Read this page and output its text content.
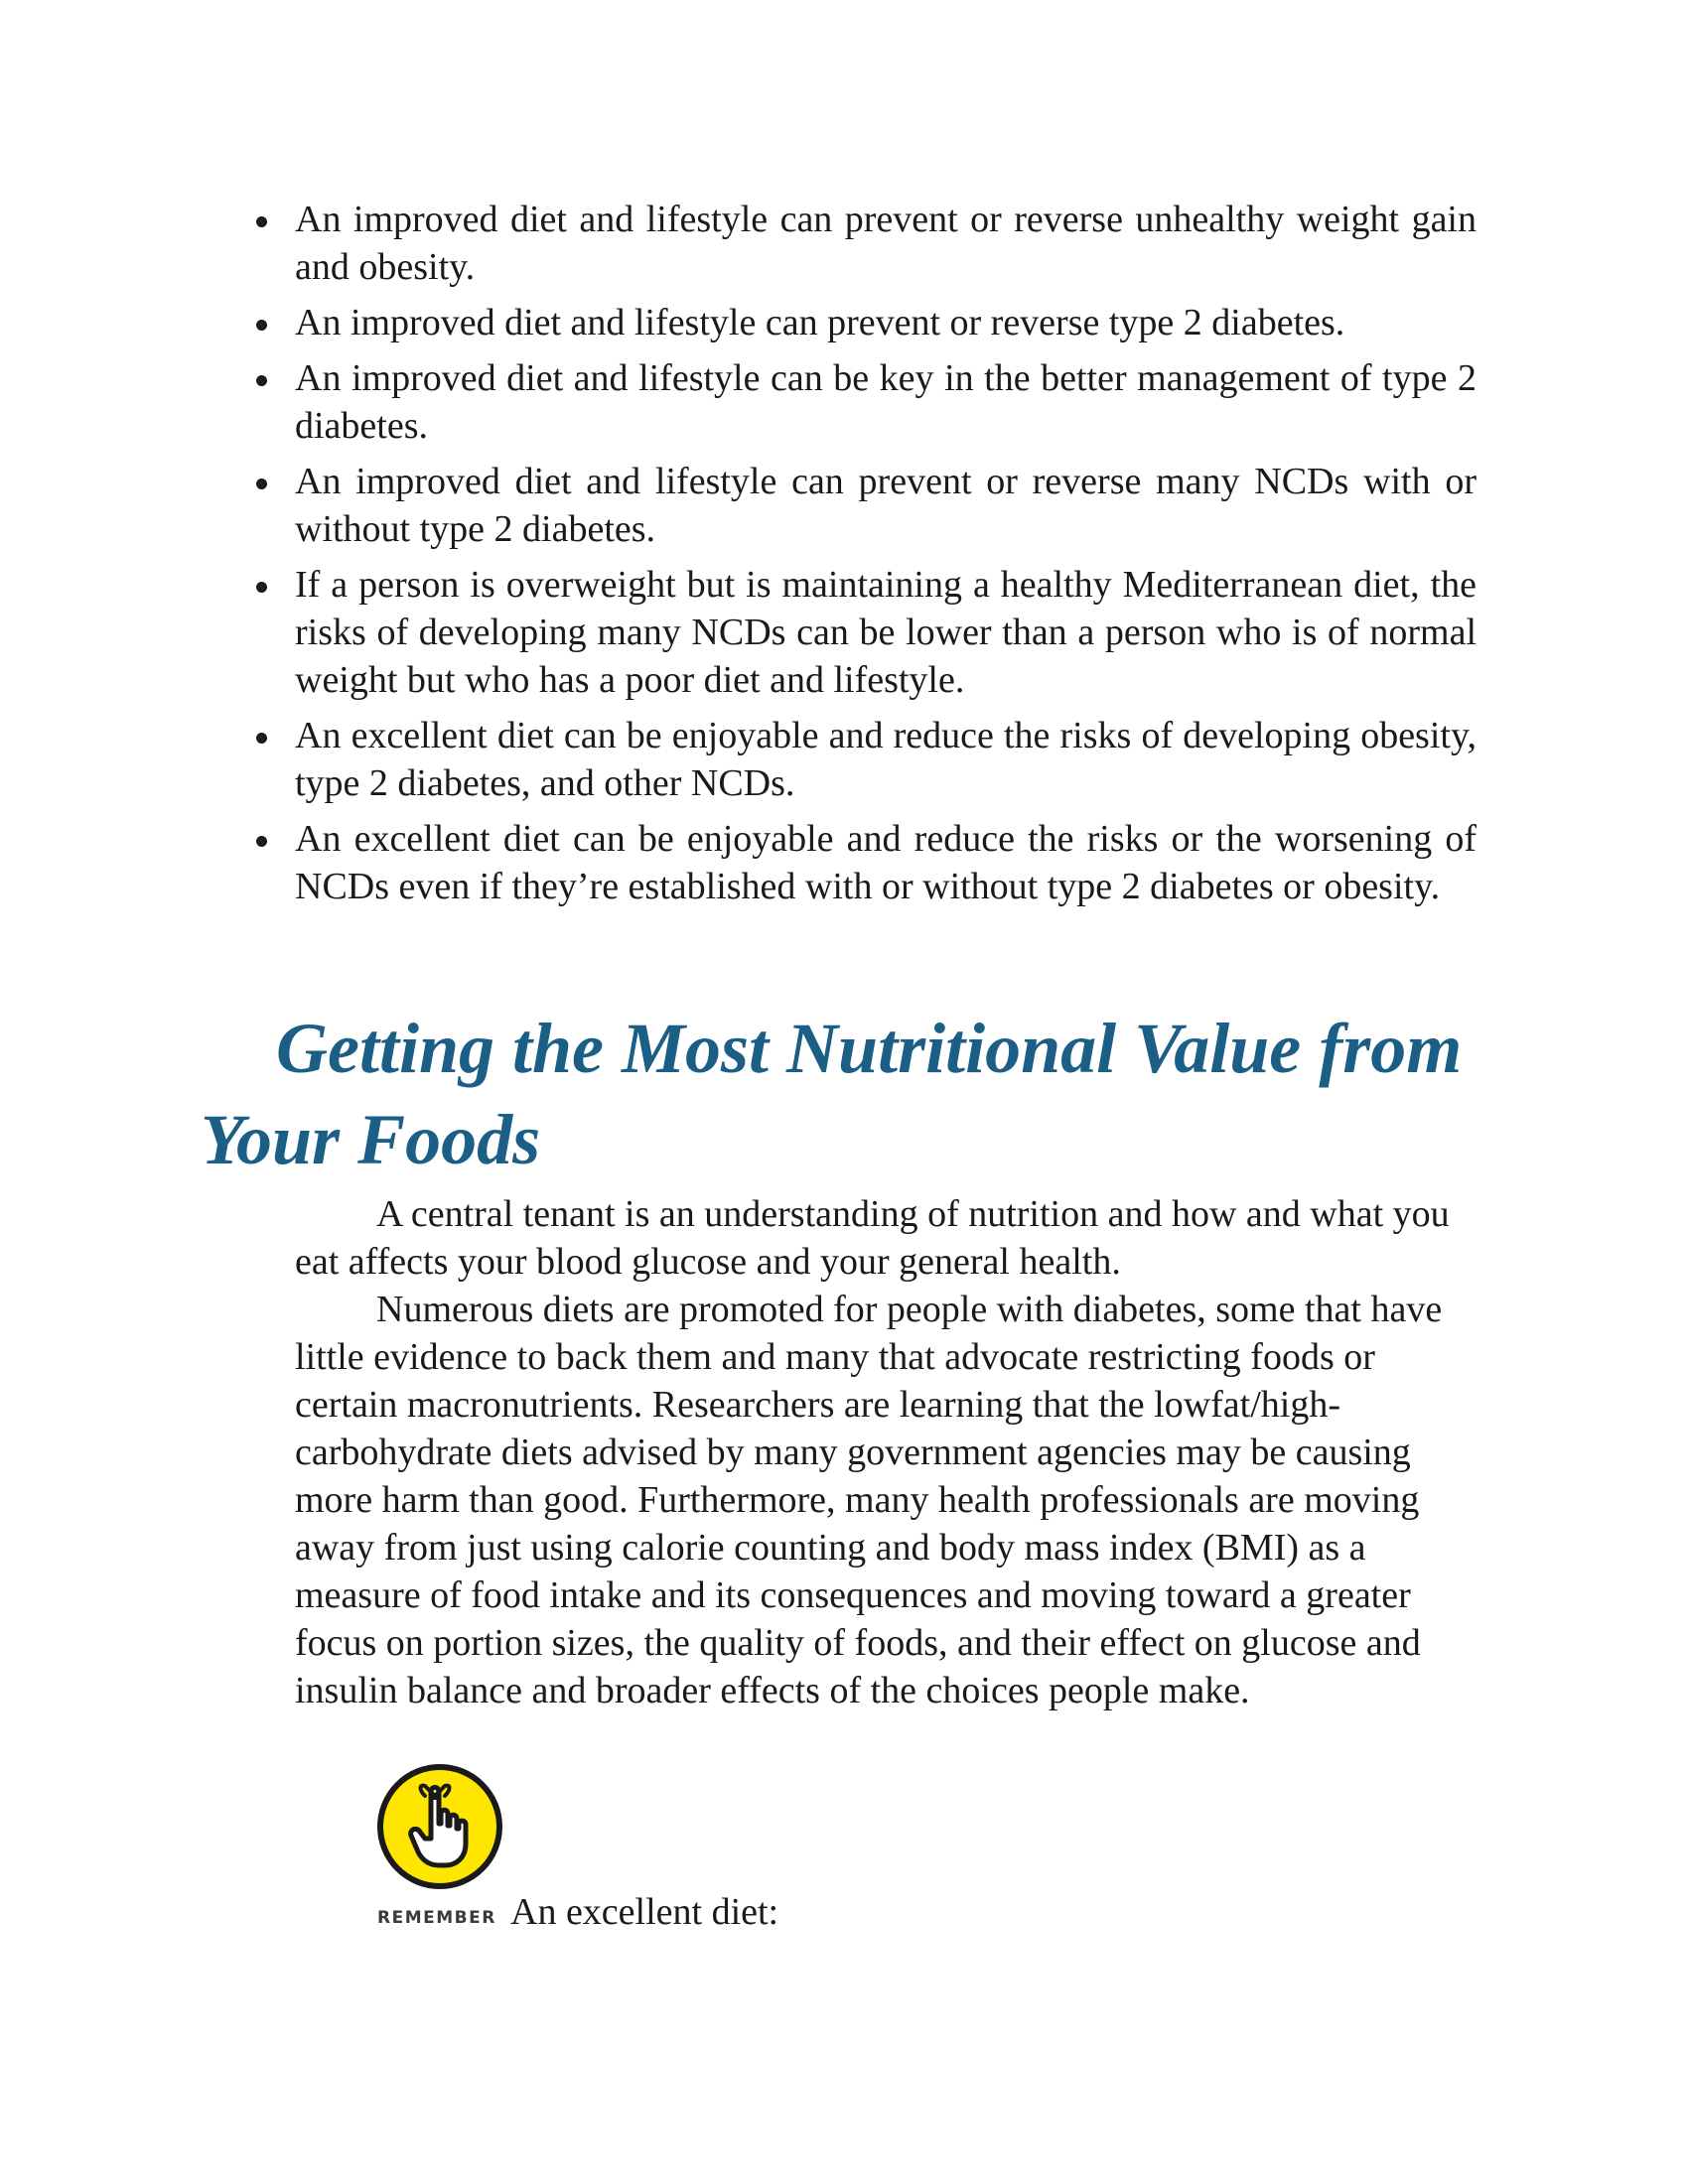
An improved diet and lifestyle can prevent or reverse unhealthy weight gain and obesity.
An improved diet and lifestyle can prevent or reverse type 2 diabetes.
An improved diet and lifestyle can be key in the better management of type 2 diabetes.
An improved diet and lifestyle can prevent or reverse many NCDs with or without type 2 diabetes.
If a person is overweight but is maintaining a healthy Mediterranean diet, the risks of developing many NCDs can be lower than a person who is of normal weight but who has a poor diet and lifestyle.
An excellent diet can be enjoyable and reduce the risks of developing obesity, type 2 diabetes, and other NCDs.
An excellent diet can be enjoyable and reduce the risks or the worsening of NCDs even if they’re established with or without type 2 diabetes or obesity.
Getting the Most Nutritional Value from Your Foods

A central tenant is an understanding of nutrition and how and what you eat affects your blood glucose and your general health.

Numerous diets are promoted for people with diabetes, some that have little evidence to back them and many that advocate restricting foods or certain macronutrients. Researchers are learning that the lowfat/high-carbohydrate diets advised by many government agencies may be causing more harm than good. Furthermore, many health professionals are moving away from just using calorie counting and body mass index (BMI) as a measure of food intake and its consequences and moving toward a greater focus on portion sizes, the quality of foods, and their effect on glucose and insulin balance and broader effects of the choices people make.

REMEMBER An excellent diet:
